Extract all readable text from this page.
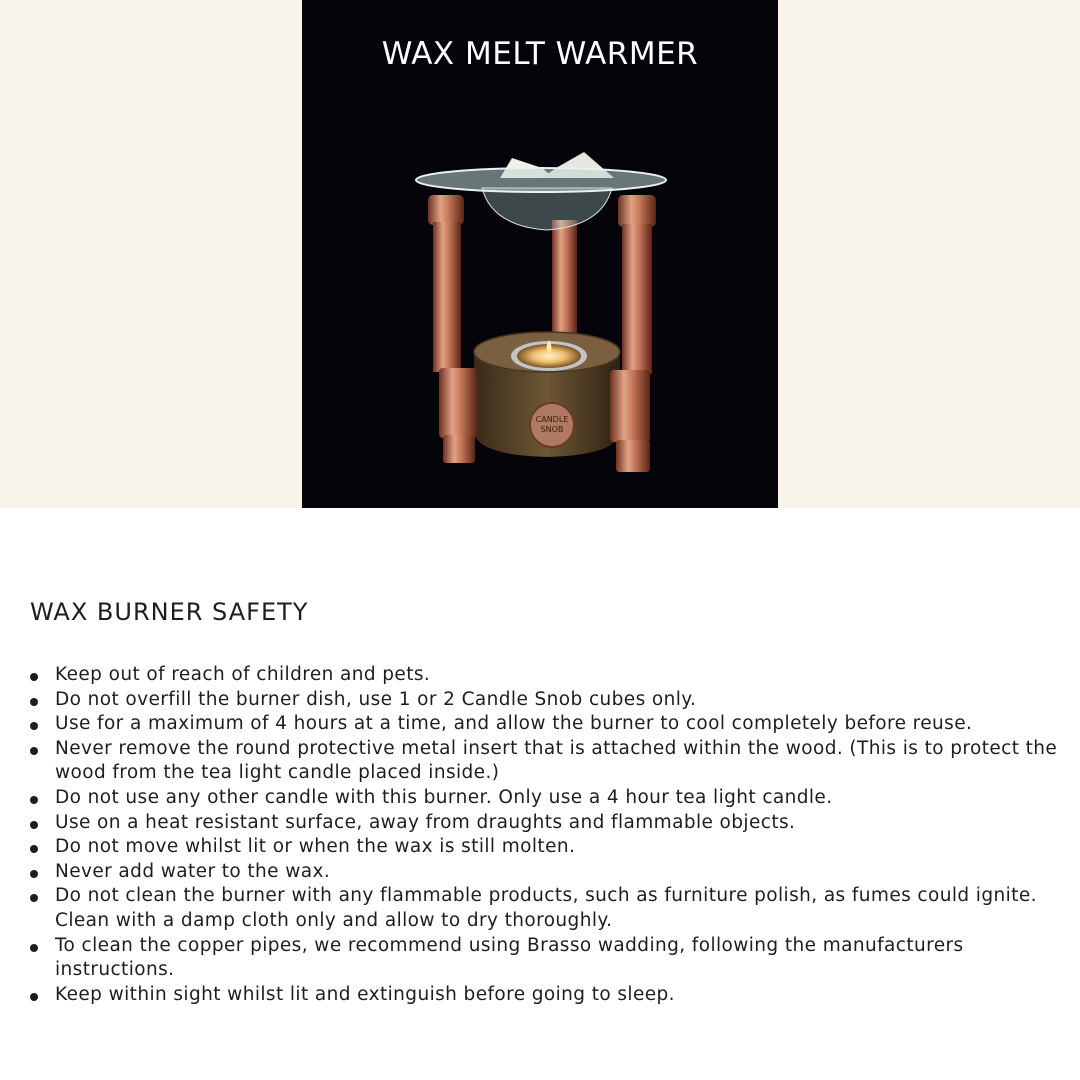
CANDLE
SNOB
WAX MELT WARMER
WAX BURNER SAFETY
Keep out of reach of children and pets.
Do not overfill the burner dish, use 1 or 2 Candle Snob cubes only.
Use for a maximum of 4 hours at a time, and allow the burner to cool completely before reuse.
Never remove the round protective metal insert that is attached within the wood. (This is to protect the wood from the tea light candle placed inside.)
Do not use any other candle with this burner. Only use a 4 hour tea light candle.
Use on a heat resistant surface, away from draughts and flammable objects.
Do not move whilst lit or when the wax is still molten.
Never add water to the wax.
Do not clean the burner with any flammable products, such as furniture polish, as fumes could ignite. Clean with a damp cloth only and allow to dry thoroughly.
To clean the copper pipes, we recommend using Brasso wadding, following the manufacturers instructions.
Keep within sight whilst lit and extinguish before going to sleep.
